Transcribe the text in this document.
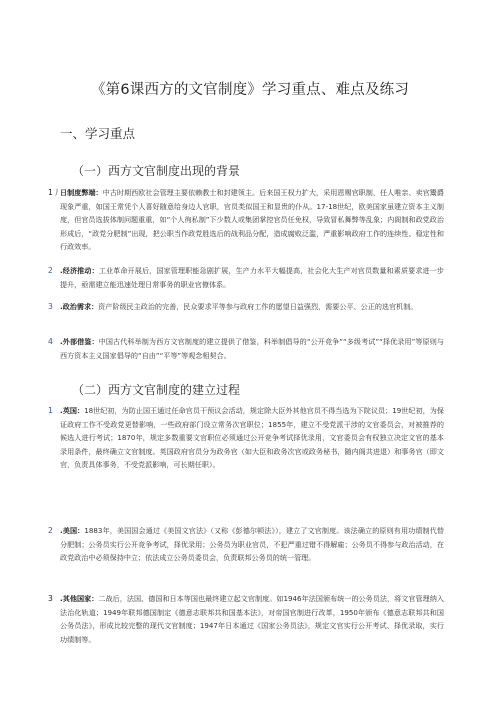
《第6课西方的文官制度》学习重点、难点及练习
一、学习重点
（一）西方文官制度出现的背景
1丿 日制度弊端：中古时期西欧社会管理主要依赖教士和封建领主。后来国王权力扩大，采用恩赐官职制，任人唯亲、卖官鬻爵现象严重，如国王常凭个人喜好随意给身边人官职，官员类似国王和显贵的仆从。17-18世纪，欧美国家虽建立资本主义制度，但官员选拔体制问题重重，如“个人徇私制”下少数人或集团掌控官员任免权，导致冒私舞弊等乱象；内阁制和政党政治形成后，“政党分肥制”出现，把公职当作政党胜选后的战利品分配，造成腐败泛滥，严重影响政府工作的连续性、稳定性和行政效率。
2 .经济推动：工业革命开展后，国家管理职能急剧扩展，生产力水平大幅提高，社会化大生产对官员数量和素质要求进一步提升，亟需建立能迅速处理日常事务的职业官僚体系。
3 .政治需求：资产阶级民主政治的完善，民众要求平等参与政府工作的愿望日益强烈，需要公平、公正的选官机制。
4 .外部借鉴：中国古代科举制为西方文官制度的建立提供了借鉴，科举制倡导的“公开竞争”“多级考试”“择优录用”等原则与西方资本主义国家倡导的“自由”“平等”等观念相契合。
（二）西方文官制度的建立过程
1 .英国：18世纪初，为防止国王通过任命官员干预议会活动，规定除大臣外其他官员不得当选为下院议员；19世纪初，为保证政府工作不受政党更替影响，一些政府部门设立常务次官职位；1855年，建立不受党派干涉的文官委员会，对被推荐的候选人进行考试；1870年，规定多数重要文官职位必须通过公开竞争考试择优录用，文官委员会有权独立决定文官的基本录用条件，最终确立文官制度。英国政府官员分为政务官（如大臣和政务次官或政务秘书，随内阁共进退）和事务官（即文官，负责具体事务，不受党派影响，可长期任职）。
2 .美国：1883年，美国国会通过《美国文官法》（又称《彭德尔顿法》），建立了文官制度。该法确立的原则有用功绩制代替分肥制；公务员实行公开竞争考试，择优录用；公务员为职业官员，不犯严重过错不得解雇；公务员不得参与政治活动，在政党政治中必须保持中立；依法成立公务员委员会，负责联邦公务员的统一管理。
3 .其他国家：二战后，法国、德国和日本等国也最终建立起文官制度。如1946年法国颁布统一的公务员法，将文官管理纳入法治化轨道；1949年联邦德国制定《德意志联邦共和国基本法》，对帝国官制进行改革，1950年颁布《德意志联邦共和国公务员法》，形成比较完整的现代文官制度；1947年日本通过《国家公务员法》，规定文官实行公开考试、择优录取，实行功绩制等。
